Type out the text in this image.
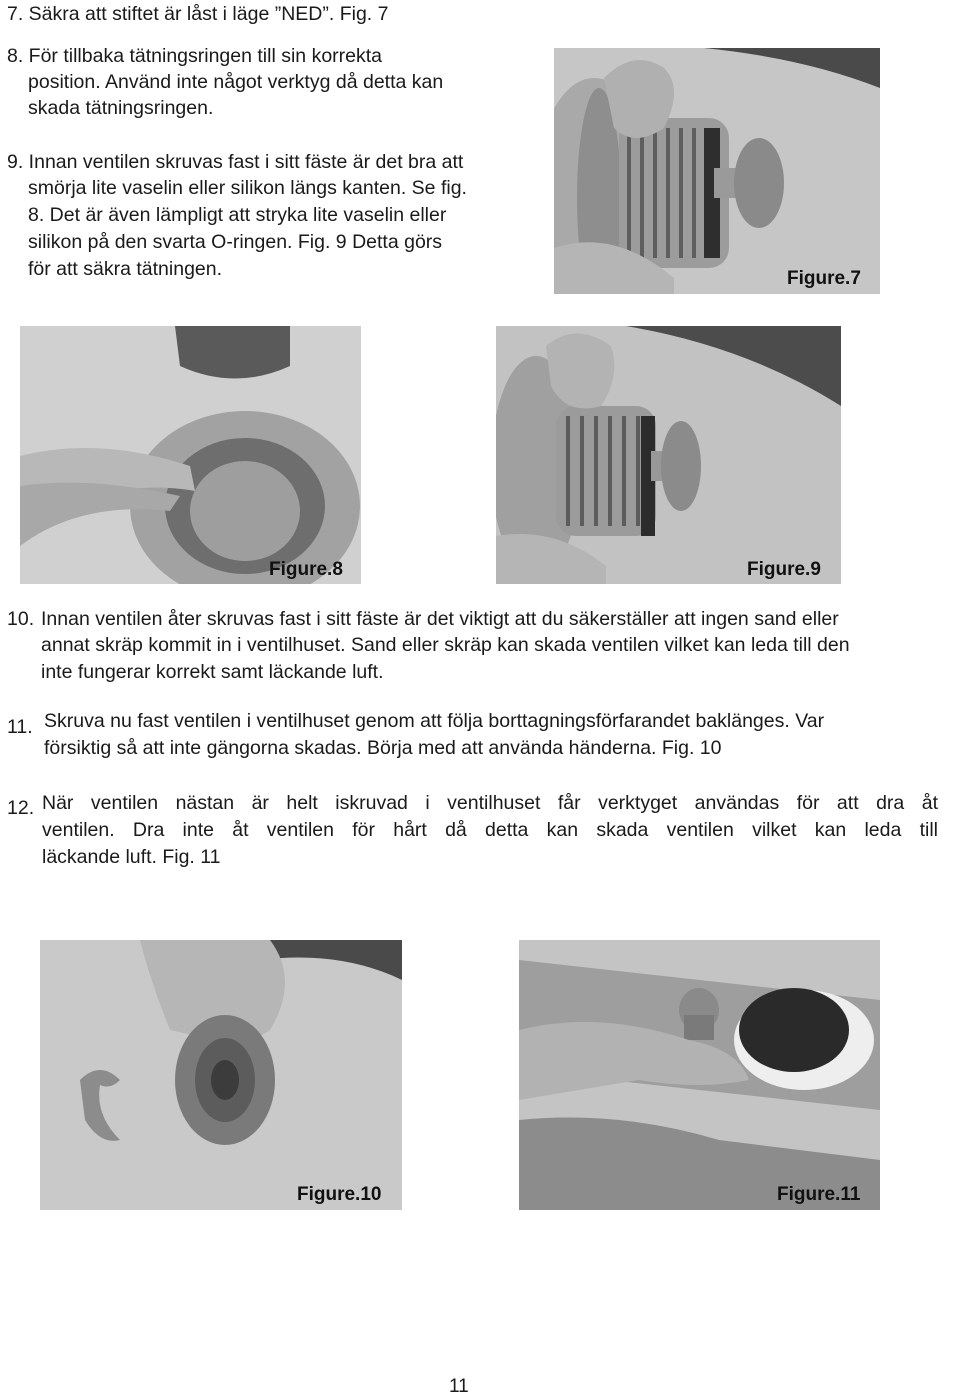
7. Säkra att stiftet är låst i läge ”NED”. Fig. 7
8. För tillbaka tätningsringen till sin korrekta
position. Använd inte något verktyg då detta kan
skada tätningsringen.
9. Innan ventilen skruvas fast i sitt fäste är det bra att
smörja lite vaselin eller silikon längs kanten. Se fig.
8. Det är även lämpligt att stryka lite vaselin eller
silikon på den svarta O-ringen. Fig. 9 Detta görs
för att säkra tätningen.	Figure.7
Figure.8	Figure.9
10. Innan ventilen åter skruvas fast i sitt fäste är det viktigt att du säkerställer att ingen sand eller
annat skräp kommit in i ventilhuset. Sand eller skräp kan skada ventilen vilket kan leda till den
inte fungerar korrekt samt läckande luft.
11. Skruva nu fast ventilen i ventilhuset genom att följa borttagningsförfarandet baklänges. Var
försiktig så att inte gängorna skadas. Börja med att använda händerna. Fig. 10
12. När ventilen nästan är helt iskruvad i ventilhuset får verktyget användas för att dra åt
ventilen. Dra inte åt ventilen för hårt då detta kan skada ventilen vilket kan leda till
läckande luft. Fig. 11
Figure.10	Figure.11
11
